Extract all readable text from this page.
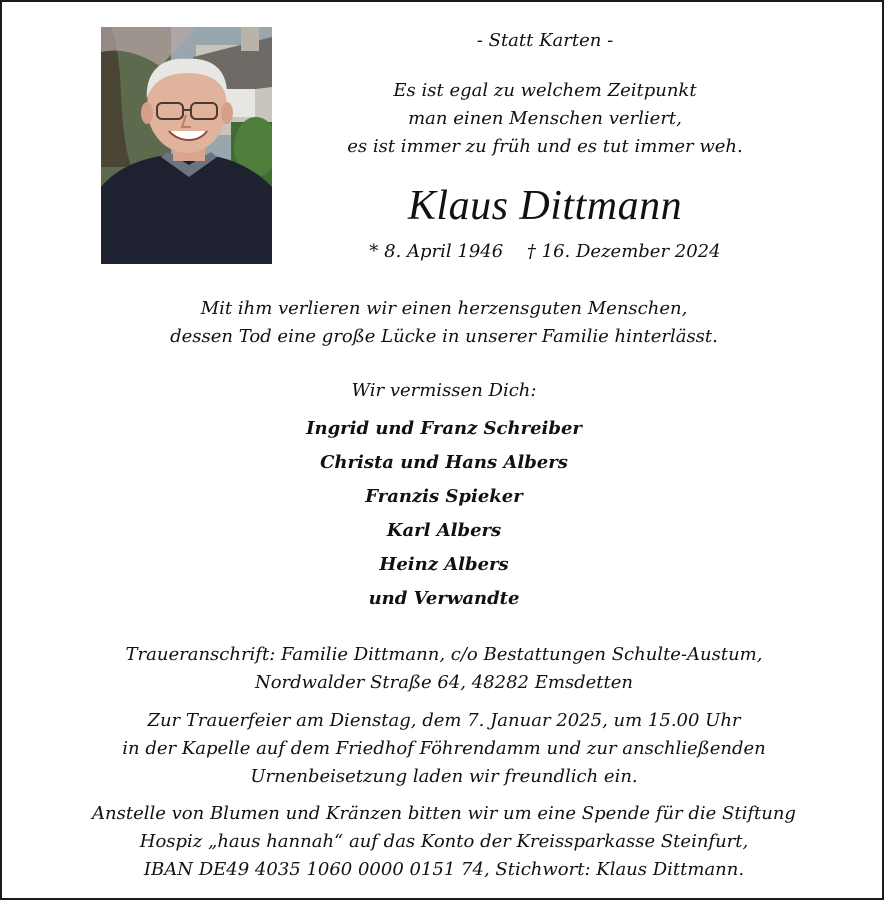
- Statt Karten -
Es ist egal zu welchem Zeitpunkt
man einen Menschen verliert,
es ist immer zu früh und es tut immer weh.
Klaus Dittmann
* 8. April 1946 † 16. Dezember 2024
Mit ihm verlieren wir einen herzensguten Menschen,
dessen Tod eine große Lücke in unserer Familie hinterlässt.
Wir vermissen Dich:
Ingrid und Franz Schreiber
Christa und Hans Albers
Franzis Spieker
Karl Albers
Heinz Albers
und Verwandte
Traueranschrift: Familie Dittmann, c/o Bestattungen Schulte-Austum,
Nordwalder Straße 64, 48282 Emsdetten
Zur Trauerfeier am Dienstag, dem 7. Januar 2025, um 15.00 Uhr
in der Kapelle auf dem Friedhof Föhrendamm und zur anschließenden
Urnenbeisetzung laden wir freundlich ein.
Anstelle von Blumen und Kränzen bitten wir um eine Spende für die Stiftung
Hospiz „haus hannah“ auf das Konto der Kreissparkasse Steinfurt,
IBAN DE49 4035 1060 0000 0151 74, Stichwort: Klaus Dittmann.
